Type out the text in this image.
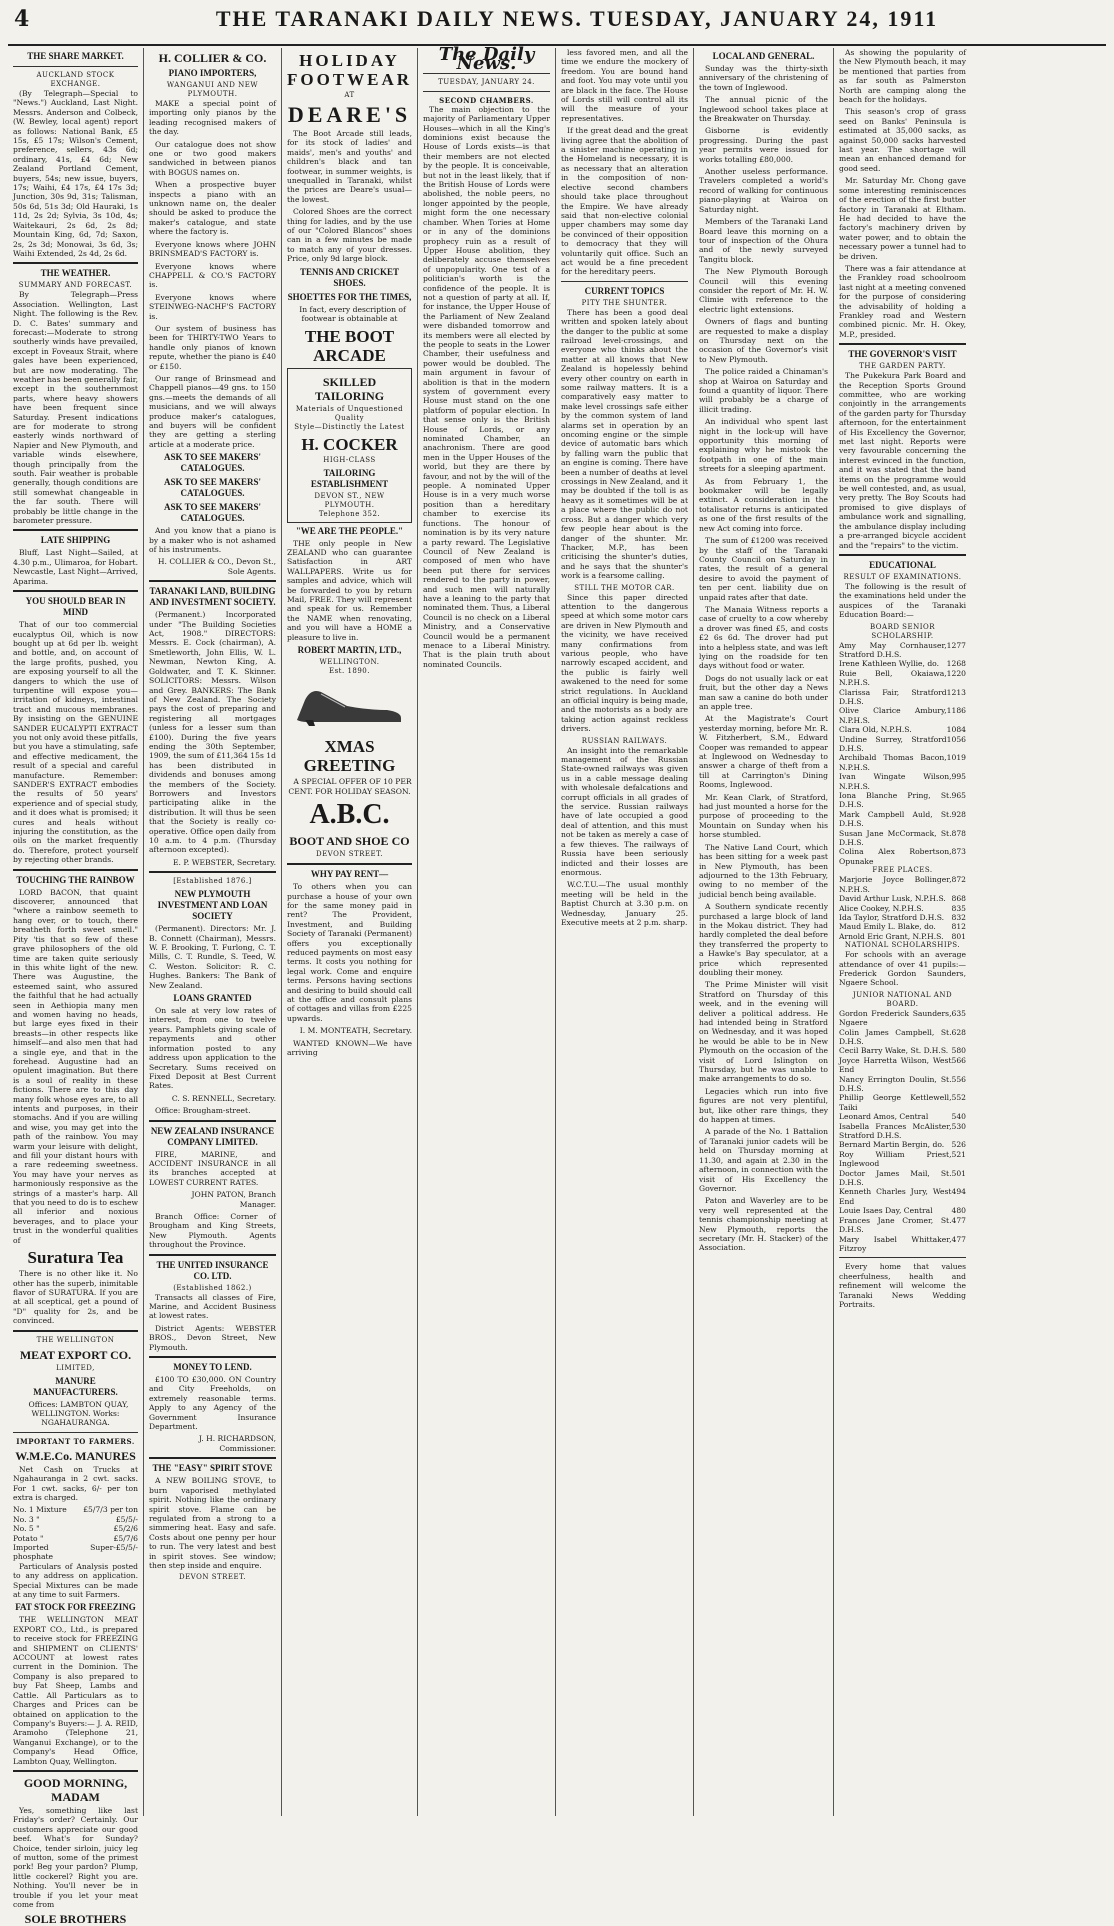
4	THE TARANAKI DAILY NEWS. TUESDAY, JANUARY 24, 1911
THE SHARE MARKET.
AUCKLAND STOCK EXCHANGE.

(By Telegraph—Special to "News.") Auckland, Last Night. Messrs. Anderson and Colbeck, (W. Bewley, local agent) report as follows: National Bank, £5 15s, £5 17s; Wilson's Cement, preference, sellers, 43s 6d; ordinary, 41s, £4 6d; New Zealand Portland Cement, buyers, 54s; new issue, buyers, 17s; Waihi, £4 17s, £4 17s 3d; Junction, 30s 9d, 31s; Talisman, 50s 6d, 51s 3d; Old Hauraki, 1s 11d, 2s 2d; Sylvia, 3s 10d, 4s; Waitekauri, 2s 6d, 2s 8d; Mountain King, 6d, 7d; Saxon, 2s, 2s 3d; Monowai, 3s 6d, 3s; Waihi Extended, 2s 4d, 2s 6d.

THE WEATHER.
SUMMARY AND FORECAST.

By Telegraph—Press Association. Wellington, Last Night. The following is the Rev. D. C. Bates' summary and forecast:—Moderate to strong southerly winds have prevailed, except in Foveaux Strait, where gales have been experienced, but are now moderating. The weather has been generally fair, except in the southernmost parts, where heavy showers have been frequent since Saturday. Present indications are for moderate to strong easterly winds northward of Napier and New Plymouth, and variable winds elsewhere, though principally from the south. Fair weather is probable generally, though conditions are still somewhat changeable in the far south. There will probably be little change in the barometer pressure.

LATE SHIPPING

Bluff, Last Night—Sailed, at 4.30 p.m., Ulimaroa, for Hobart. Newcastle, Last Night—Arrived, Aparima.

YOU SHOULD BEAR IN MIND

That of our too commercial eucalyptus Oil, which is now bought up at 6d per lb. weight and bottle, and, on account of the large profits, pushed, you are exposing yourself to all the dangers to which the use of turpentine will expose you—irritation of kidneys, intestinal tract and mucous membranes. By insisting on the GENUINE SANDER EUCALYPTI EXTRACT you not only avoid these pitfalls, but you have a stimulating, safe and effective medicament, the result of a special and careful manufacture. Remember: SANDER'S EXTRACT embodies the results of 50 years' experience and of special study, and it does what is promised; it cures and heals without injuring the constitution, as the oils on the market frequently do. Therefore, protect yourself by rejecting other brands.

TOUCHING THE RAINBOW

LORD BACON, that quaint discoverer, announced that "where a rainbow seemeth to hang over, or to touch, there breatheth forth sweet smell." Pity 'tis that so few of these grave philosophers of the old time are taken quite seriously in this white light of the new. There was Augustine, the esteemed saint, who assured the faithful that he had actually seen in Aethiopia many men and women having no heads, but large eyes fixed in their breasts—in other respects like himself—and also men that had a single eye, and that in the forehead. Augustine had an opulent imagination. But there is a soul of reality in these fictions. There are to this day many folk whose eyes are, to all intents and purposes, in their stomachs. And if you are willing and wise, you may get into the path of the rainbow. You may warm your leisure with delight, and fill your distant hours with a rare redeeming sweetness. You may have your nerves as harmoniously responsive as the strings of a master's harp. All that you need to do is to eschew all inferior and noxious beverages, and to place your trust in the wonderful qualities of

Suratura Tea

There is no other like it. No other has the superb, inimitable flavor of SURATURA. If you are at all sceptical, get a pound of "D" quality for 2s, and be convinced.

THE WELLINGTON
MEAT EXPORT CO.
LIMITED,
MANURE MANUFACTURERS.

Offices: LAMBTON QUAY, WELLINGTON. Works: NGAHAURANGA.

IMPORTANT TO FARMERS.
W.M.E.Co. MANURES

Net Cash on Trucks at Ngahauranga in 2 cwt. sacks. For 1 cwt. sacks, 6/- per ton extra is charged.

No. 1 Mixture £5/7/3 per ton
No. 3 "	£5/5/-
No. 5 "	£5/2/6
Potato "	£5/7/6
Imported Super-phosphate
£5/5/-

Particulars of Analysis posted to any address on application. Special Mixtures can be made at any time to suit Farmers.

FAT STOCK FOR FREEZING

THE WELLINGTON MEAT EXPORT CO., Ltd., is prepared to receive stock for FREEZING and SHIPMENT on CLIENTS' ACCOUNT at lowest rates current in the Dominion. The Company is also prepared to buy Fat Sheep, Lambs and Cattle. All Particulars as to Charges and Prices can be obtained on application to the Company's Buyers:— J. A. REID, Aramoho (Telephone 21, Wanganui Exchange), or to the Company's Head Office, Lambton Quay, Wellington.

GOOD MORNING, MADAM

Yes, something like last Friday's order? Certainly. Our customers appreciate our good beef. What's for Sunday? Choice, tender sirloin, juicy leg of mutton, some of the primest pork! Beg your pardon? Plump, little cockerel? Right you are. Nothing. You'll never be in trouble if you let your meat come from

SOLE BROTHERS
H. COLLIER & CO.
PIANO IMPORTERS,
WANGANUI AND NEW PLYMOUTH.

MAKE a special point of importing only pianos by the leading recognised makers of the day.

Our catalogue does not show one or two good makers sandwiched in between pianos with BOGUS names on.

When a prospective buyer inspects a piano with an unknown name on, the dealer should be asked to produce the maker's catalogue, and state where the factory is.

Everyone knows where JOHN BRINSMEAD'S FACTORY is.

Everyone knows where CHAPPELL & CO.'S FACTORY is.

Everyone knows where STEINWEG-NACHF'S FACTORY is.

Our system of business has been for THIRTY-TWO Years to handle only pianos of known repute, whether the piano is £40 or £150.

Our range of Brinsmead and Chappell pianos—49 gns. to 150 gns.—meets the demands of all musicians, and we will always produce maker's catalogues, and buyers will be confident they are getting a sterling article at a moderate price.

ASK TO SEE MAKERS' CATALOGUES.
ASK TO SEE MAKERS' CATALOGUES.
ASK TO SEE MAKERS' CATALOGUES.

And you know that a piano is by a maker who is not ashamed of his instruments.

H. COLLIER & CO., Devon St., Sole Agents.

TARANAKI LAND, BUILDING AND INVESTMENT SOCIETY.

(Permanent.) Incorporated under "The Building Societies Act, 1908." DIRECTORS: Messrs. E. Cock (chairman), A. Smetleworth, John Ellis, W. L. Newman, Newton King, A. Goldwater, and T. K. Skinner. SOLICITORS: Messrs. Wilson and Grey. BANKERS: The Bank of New Zealand. The Society pays the cost of preparing and registering all mortgages (unless for a lesser sum than £100). During the five years ending the 30th September, 1909, the sum of £11,364 15s 1d has been distributed in dividends and bonuses among the members of the Society. Borrowers and Investors participating alike in the distribution. It will thus be seen that the Society is really co-operative. Office open daily from 10 a.m. to 4 p.m. (Thursday afternoon excepted).

E. P. WEBSTER, Secretary.

[Established 1876.]
NEW PLYMOUTH INVESTMENT AND LOAN SOCIETY

(Permanent). Directors: Mr. J. B. Connett (Chairman), Messrs. W. F. Brooking, T. Furlong, C. T. Mills, C. T. Rundle, S. Teed, W. C. Weston. Solicitor: R. C. Hughes. Bankers: The Bank of New Zealand.

LOANS GRANTED

On sale at very low rates of interest, from one to twelve years. Pamphlets giving scale of repayments and other information posted to any address upon application to the Secretary. Sums received on Fixed Deposit at Best Current Rates.

C. S. RENNELL, Secretary.

Office: Brougham-street.

NEW ZEALAND INSURANCE COMPANY LIMITED.

FIRE, MARINE, and ACCIDENT INSURANCE in all its branches accepted at LOWEST CURRENT RATES.

JOHN PATON, Branch Manager.

Branch Office: Corner of Brougham and King Streets, New Plymouth. Agents throughout the Province.

THE UNITED INSURANCE CO. LTD.
(Established 1862.)

Transacts all classes of Fire, Marine, and Accident Business at lowest rates.

District Agents: WEBSTER BROS., Devon Street, New Plymouth.

MONEY TO LEND.

£100 TO £30,000. ON Country and City Freeholds, on extremely reasonable terms. Apply to any Agency of the Government Insurance Department.

J. H. RICHARDSON, Commissioner.

THE "EASY" SPIRIT STOVE

A NEW BOILING STOVE, to burn vaporised methylated spirit. Nothing like the ordinary spirit stove. Flame can be regulated from a strong to a simmering heat. Easy and safe. Costs about one penny per hour to run. The very latest and best in spirit stoves. See window; then step inside and enquire.

DEVON STREET.
HOLIDAY FOOTWEAR
AT
DEARE'S

The Boot Arcade still leads, for its stock of ladies' and maids', men's and youths' and children's black and tan footwear, in summer weights, is unequalled in Taranaki, whilst the prices are Deare's usual—the lowest.

Colored Shoes are the correct thing for ladies, and by the use of our "Colored Blancos" shoes can in a few minutes be made to match any of your dresses. Price, only 9d large block.

TENNIS AND CRICKET SHOES.
SHOETTES FOR THE TIMES,

In fact, every description of footwear is obtainable at

THE BOOT ARCADE
SKILLED TAILORING
Materials of Unquestioned Quality
Style—Distinctly the Latest
H. COCKER
HIGH-CLASS
TAILORING ESTABLISHMENT
DEVON ST., NEW PLYMOUTH.
Telephone 352.
"WE ARE THE PEOPLE."

THE only people in New ZEALAND who can guarantee Satisfaction in ART WALLPAPERS. Write us for samples and advice, which will be forwarded to you by return Mail, FREE. They will represent and speak for us. Remember the NAME when renovating, and you will have a HOME a pleasure to live in.

ROBERT MARTIN, LTD.,
WELLINGTON.
Est. 1890.
XMAS GREETING

A SPECIAL OFFER OF 10 PER CENT. FOR HOLIDAY SEASON.

A.B.C.
BOOT AND SHOE CO
DEVON STREET.
WHY PAY RENT—

To others when you can purchase a house of your own for the same money paid in rent? The Provident, Investment, and Building Society of Taranaki (Permanent) offers you exceptionally reduced payments on most easy terms. It costs you nothing for legal work. Come and enquire terms. Persons having sections and desiring to build should call at the office and consult plans of cottages and villas from £225 upwards.

I. M. MONTEATH, Secretary.

WANTED KNOWN—We have arriving

The Daily News.
TUESDAY, JANUARY 24.
SECOND CHAMBERS.

The main objection to the majority of Parliamentary Upper Houses—which in all the King's dominions exist because the House of Lords exists—is that their members are not elected by the people. It is conceivable, but not in the least likely, that if the British House of Lords were abolished, the noble peers, no longer appointed by the people, might form the one necessary chamber. When Tories at Home or in any of the dominions prophecy ruin as a result of Upper House abolition, they deliberately accuse themselves of unpopularity. One test of a politician's worth is the confidence of the people. It is not a question of party at all. If, for instance, the Upper House of the Parliament of New Zealand were disbanded tomorrow and its members were all elected by the people to seats in the Lower Chamber, their usefulness and power would be doubled. The main argument in favour of abolition is that in the modern system of government every House must stand on the one platform of popular election. In that sense only is the British House of Lords, or any nominated Chamber, an anachronism. There are good men in the Upper Houses of the world, but they are there by favour, and not by the will of the people. A nominated Upper House is in a very much worse position than a hereditary chamber to exercise its functions. The honour of nomination is by its very nature a party reward. The Legislative Council of New Zealand is composed of men who have been put there for services rendered to the party in power, and such men will naturally have a leaning to the party that nominated them. Thus, a Liberal Council is no check on a Liberal Ministry, and a Conservative Council would be a permanent menace to a Liberal Ministry. That is the plain truth about nominated Councils.

less favored men, and all the time we endure the mockery of freedom. You are bound hand and foot. You may vote until you are black in the face. The House of Lords still will control all its will the measure of your representatives.

If the great dead and the great living agree that the abolition of a sinister machine operating in the Homeland is necessary, it is as necessary that an alteration in the composition of non-elective second chambers should take place throughout the Empire. We have already said that non-elective colonial upper chambers may some day be convinced of their opposition to democracy that they will voluntarily quit office. Such an act would be a fine precedent for the hereditary peers.

CURRENT TOPICS
PITY THE SHUNTER.

There has been a good deal written and spoken lately about the danger to the public at some railroad level-crossings, and everyone who thinks about the matter at all knows that New Zealand is hopelessly behind every other country on earth in some railway matters. It is a comparatively easy matter to make level crossings safe either by the common system of land alarms set in operation by an oncoming engine or the simple device of automatic bars which by falling warn the public that an engine is coming. There have been a number of deaths at level crossings in New Zealand, and it may be doubted if the toll is as heavy as it sometimes will be at a place where the public do not cross. But a danger which very few people hear about is the danger of the shunter. Mr. Thacker, M.P., has been criticising the shunter's duties, and he says that the shunter's work is a fearsome calling.

STILL THE MOTOR CAR.

Since this paper directed attention to the dangerous speed at which some motor cars are driven in New Plymouth and the vicinity, we have received many confirmations from various people, who have narrowly escaped accident, and the public is fairly well awakened to the need for some strict regulations. In Auckland an official inquiry is being made, and the motorists as a body are taking action against reckless drivers.

RUSSIAN RAILWAYS.

An insight into the remarkable management of the Russian State-owned railways was given us in a cable message dealing with wholesale defalcations and corrupt officials in all grades of the service. Russian railways have of late occupied a good deal of attention, and this must not be taken as merely a case of a few thieves. The railways of Russia have been seriously indicted and their losses are enormous.

W.C.T.U.—The usual monthly meeting will be held in the Baptist Church at 3.30 p.m. on Wednesday, January 25. Executive meets at 2 p.m. sharp.

LOCAL AND GENERAL.

Sunday was the thirty-sixth anniversary of the christening of the town of Inglewood.

The annual picnic of the Inglewood school takes place at the Breakwater on Thursday.

Gisborne is evidently progressing. During the past year permits were issued for works totalling £80,000.

Another useless performance. Travelers completed a world's record of walking for continuous piano-playing at Wairoa on Saturday night.

Members of the Taranaki Land Board leave this morning on a tour of inspection of the Ohura and of the newly surveyed Tangitu block.

The New Plymouth Borough Council will this evening consider the report of Mr. H. W. Climie with reference to the electric light extensions.

Owners of flags and bunting are requested to make a display on Thursday next on the occasion of the Governor's visit to New Plymouth.

The police raided a Chinaman's shop at Wairoa on Saturday and found a quantity of liquor. There will probably be a charge of illicit trading.

An individual who spent last night in the lock-up will have opportunity this morning of explaining why he mistook the footpath in one of the main streets for a sleeping apartment.

As from February 1, the bookmaker will be legally extinct. A consideration in the totalisator returns is anticipated as one of the first results of the new Act coming into force.

The sum of £1200 was received by the staff of the Taranaki County Council on Saturday in rates, the result of a general desire to avoid the payment of ten per cent. liability due on unpaid rates after that date.

The Manaia Witness reports a case of cruelty to a cow whereby a drover was fined £5, and costs £2 6s 6d. The drover had put into a helpless state, and was left lying on the roadside for ten days without food or water.

Dogs do not usually lack or eat fruit, but the other day a News man saw a canine do both under an apple tree.

At the Magistrate's Court yesterday morning, before Mr. R. W. Fitzherbert, S.M., Edward Cooper was remanded to appear at Inglewood on Wednesday to answer a charge of theft from a till at Carrington's Dining Rooms, Inglewood.

Mr. Kean Clark, of Stratford, had just mounted a horse for the purpose of proceeding to the Mountain on Sunday when his horse stumbled.

The Native Land Court, which has been sitting for a week past in New Plymouth, has been adjourned to the 13th February, owing to no member of the judicial bench being available.

A Southern syndicate recently purchased a large block of land in the Mokau district. They had hardly completed the deal before they transferred the property to a Hawke's Bay speculator, at a price which represented doubling their money.

The Prime Minister will visit Stratford on Thursday of this week, and in the evening will deliver a political address. He had intended being in Stratford on Wednesday, and it was hoped he would be able to be in New Plymouth on the occasion of the visit of Lord Islington on Thursday, but he was unable to make arrangements to do so.

Legacies which run into five figures are not very plentiful, but, like other rare things, they do happen at times.

A parade of the No. 1 Battalion of Taranaki junior cadets will be held on Thursday morning at 11.30, and again at 2.30 in the afternoon, in connection with the visit of His Excellency the Governor.

Paton and Waverley are to be very well represented at the tennis championship meeting at New Plymouth, reports the secretary (Mr. H. Stacker) of the Association.

As showing the popularity of the New Plymouth beach, it may be mentioned that parties from as far south as Palmerston North are camping along the beach for the holidays.

This season's crop of grass seed on Banks' Peninsula is estimated at 35,000 sacks, as against 50,000 sacks harvested last year. The shortage will mean an enhanced demand for good seed.

Mr. Saturday Mr. Chong gave some interesting reminiscences of the erection of the first butter factory in Taranaki at Eltham. He had decided to have the factory's machinery driven by water power, and to obtain the necessary power a tunnel had to be driven.

There was a fair attendance at the Frankley road schoolroom last night at a meeting convened for the purpose of considering the advisability of holding a Frankley road and Western combined picnic. Mr. H. Okey, M.P., presided.

THE GOVERNOR'S VISIT
THE GARDEN PARTY.

The Pukekura Park Board and the Reception Sports Ground committee, who are working conjointly in the arrangements of the garden party for Thursday afternoon, for the entertainment of His Excellency the Governor, met last night. Reports were very favourable concerning the interest evinced in the function, and it was stated that the band items on the programme would be well contested, and, as usual, very pretty. The Boy Scouts had promised to give displays of ambulance work and signalling, the ambulance display including a pre-arranged bicycle accident and the "repairs" to the victim.

EDUCATIONAL
RESULT OF EXAMINATIONS.

The following is the result of the examinations held under the auspices of the Taranaki Education Board:—

BOARD SENIOR SCHOLARSHIP.
Amy May Cornhauser, Stratford D.H.S.
1277
Irene Kathleen Wyllie, do. 1268
Ruie Bell, Okaiawa, N.P.H.S.
1220
Clarissa Fair, Stratford D.H.S.
1213
Olive Clarice Ambury, N.P.H.S.
1186
Clara Old, N.P.H.S.	1084
Undine Surrey, Stratford D.H.S.
1056
Archibald Thomas Bacon, N.P.H.S.
1019
Ivan Wingate Wilson, N.P.H.S.
995
Iona Blanche Pring, St. D.H.S.
965
Mark Campbell Auld, St. D.H.S.
928
Susan Jane McCormack, St. D.H.S.
878
Colina Alex Robertson, Opunake
873
FREE PLACES.
Marjorie Joyce Bollinger, N.P.H.S.
872
David Arthur Lusk, N.P.H.S. 868
Alice Cookey, N.P.H.S.	835
Ida Taylor, Stratford D.H.S. 832
Maud Emily L. Blake, do. 812
Arnold Eric Grant, N.P.H.S. 801
NATIONAL SCHOLARSHIPS.

For schools with an average attendance of over 41 pupils:—Frederick Gordon Saunders, Ngaere School.

JUNIOR NATIONAL AND BOARD.
Gordon Frederick Saunders, Ngaere
635
Colin James Campbell, St. D.H.S.
628
Cecil Barry Wake, St. D.H.S. 580
Joyce Harretta Wilson, West End
566
Nancy Errington Doulin, St. D.H.S.
556
Phillip George Kettlewell, Taiki
552
Leonard Amos, Central	540
Isabella Frances McAlister, Stratford D.H.S.
530
Bernard Martin Bergin, do. 526
Roy William Priest, Inglewood
521
Doctor James Mail, St. D.H.S.
501
Kenneth Charles Jury, West End
494
Louie Isaes Day, Central 480
Frances Jane Cromer, St. D.H.S.
477
Mary Isabel Whittaker, Fitzroy
477

Every home that values cheerfulness, health and refinement will welcome the Taranaki News Wedding Portraits.
